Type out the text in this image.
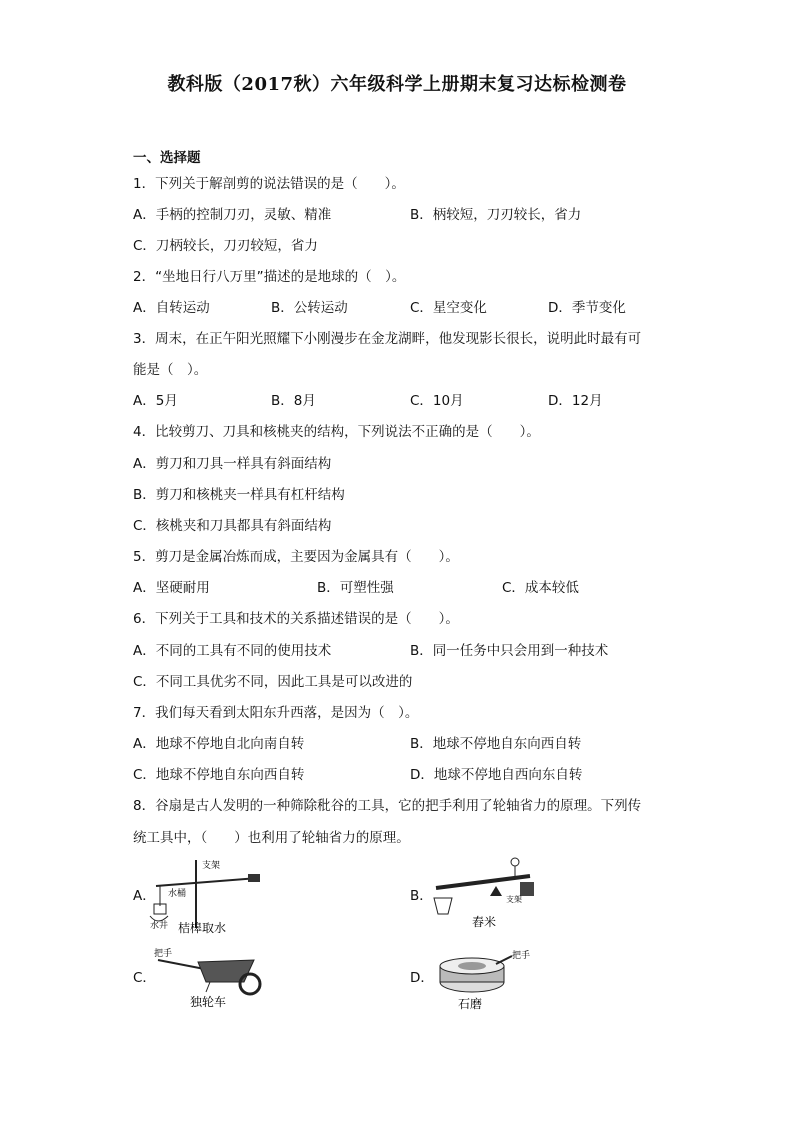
教科版（2017秋）六年级科学上册期末复习达标检测卷
一、选择题
1．下列关于解剖剪的说法错误的是（　　）。
A．手柄的控制刀刃，灵敏、精准	B．柄较短，刀刃较长，省力
C．刀柄较长，刀刃较短，省力
2．“坐地日行八万里”描述的是地球的（　）。
A．自转运动	B．公转运动	C．星空变化	D．季节变化
3．周末，在正午阳光照耀下小刚漫步在金龙湖畔，他发现影长很长，说明此时最有可
能是（　）。
A．5月	B．8月	C．10月	D．12月
4．比较剪刀、刀具和核桃夹的结构，下列说法不正确的是（　　）。
A．剪刀和刀具一样具有斜面结构
B．剪刀和核桃夹一样具有杠杆结构
C．核桃夹和刀具都具有斜面结构
5．剪刀是金属冶炼而成，主要因为金属具有（　　）。
A．坚硬耐用	B．可塑性强	C．成本较低
6．下列关于工具和技术的关系描述错误的是（　　）。
A．不同的工具有不同的使用技术	B．同一任务中只会用到一种技术
C．不同工具优劣不同，因此工具是可以改进的
7．我们每天看到太阳东升西落，是因为（　）。
A．地球不停地自北向南自转	B．地球不停地自东向西自转
C．地球不停地自东向西自转	D．地球不停地自西向东自转
8．谷扇是古人发明的一种筛除秕谷的工具，它的把手利用了轮轴省力的原理。下列传
统工具中，（　　）也利用了轮轴省力的原理。
A．	B．
C．	D．
支架
水桶
水井 桔槔取水
支架
舂米
把手
独轮车
把手
石磨
